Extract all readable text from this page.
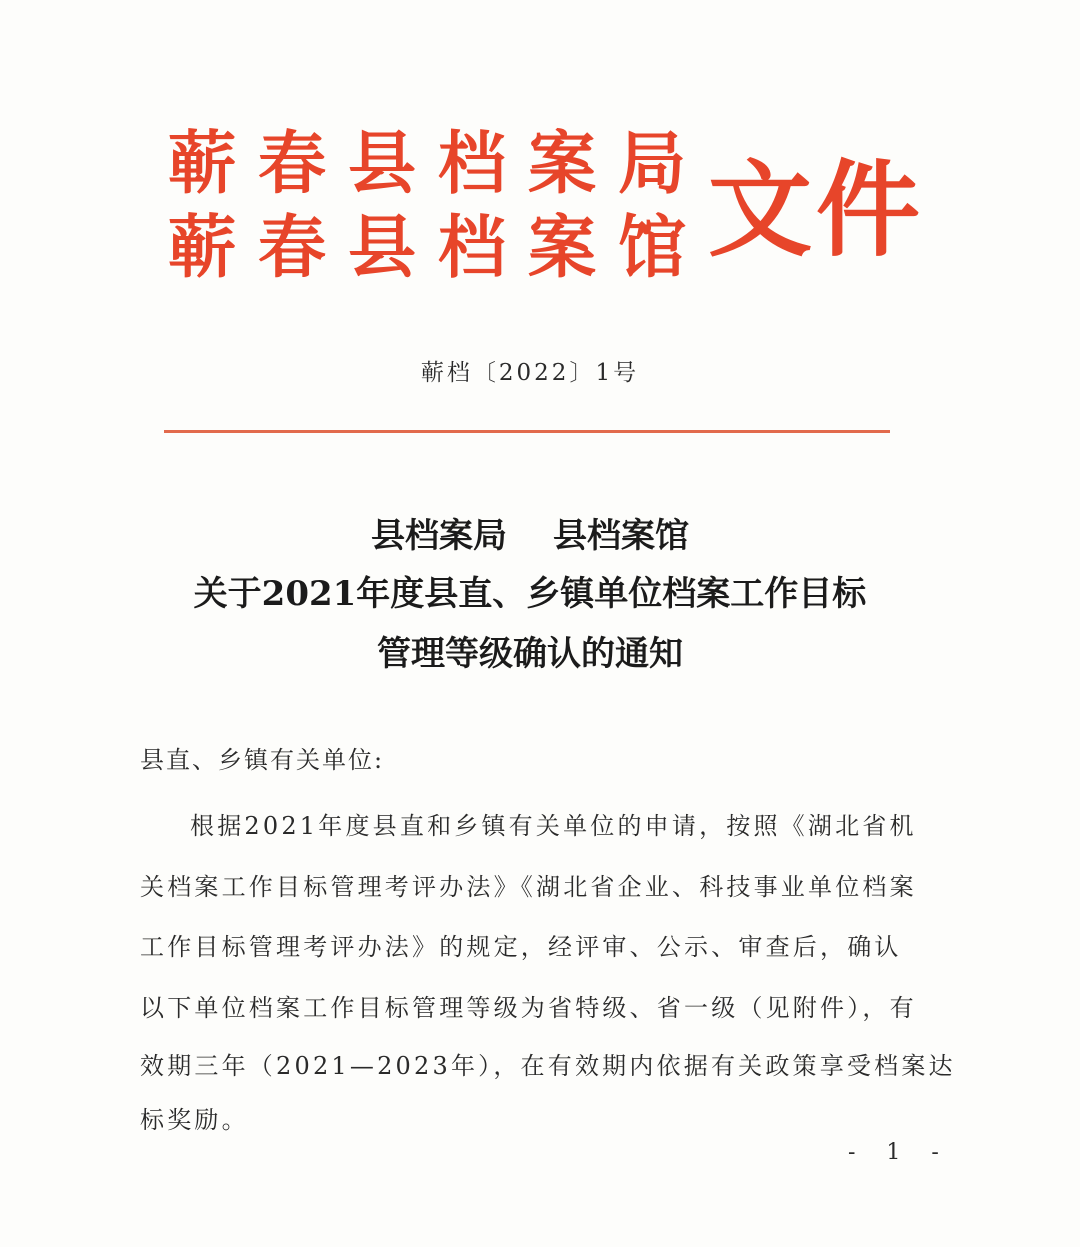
蕲春县档案局
蕲春县档案馆 文件
蕲档〔2022〕1号
县档案局 县档案馆
关于2021年度县直、乡镇单位档案工作目标
管理等级确认的通知
县直、乡镇有关单位:
根据2021年度县直和乡镇有关单位的申请，按照《湖北省机
关档案工作目标管理考评办法》《湖北省企业、科技事业单位档案
工作目标管理考评办法》的规定，经评审、公示、审查后，确认
以下单位档案工作目标管理等级为省特级、省一级（见附件），有
效期三年（2021—2023年），在有效期内依据有关政策享受档案达
标奖励。
- 1 -
